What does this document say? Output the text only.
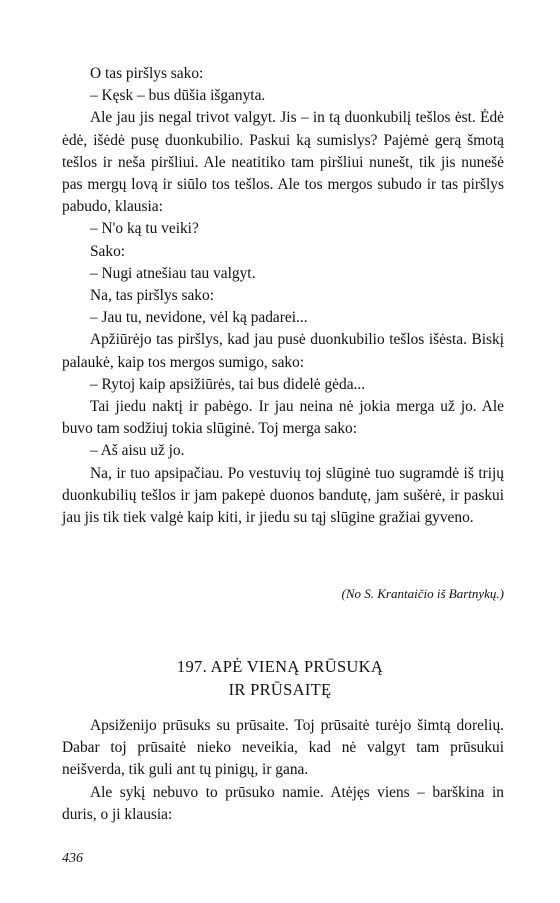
O tas piršlys sako:

– Kęsk – bus dūšia išganyta.

Ale jau jis negal trivot valgyt. Jis – in tą duonkubilį tešlos ėst. Ėdė ėdė, išėdė pusę duonkubilio. Paskui ką sumislys? Pajėmė gerą šmotą tešlos ir neša piršliui. Ale neatitiko tam piršliui nunešt, tik jis nunešė pas mergų lovą ir siūlo tos tešlos. Ale tos mergos subudo ir tas piršlys pabudo, klausia:

– N'o ką tu veiki?

Sako:

– Nugi atnešiau tau valgyt.

Na, tas piršlys sako:

– Jau tu, nevidone, vėl ką padarei...

Apžiūrėjo tas piršlys, kad jau pusė duonkubilio tešlos išėsta. Biskį palaukė, kaip tos mergos sumigo, sako:

– Rytoj kaip apsižiūrės, tai bus didelė gėda...

Tai jiedu naktį ir pabėgo. Ir jau neina nė jokia merga už jo. Ale buvo tam sodžiuj tokia slūginė. Toj merga sako:

– Aš aisu už jo.

Na, ir tuo apsipačiau. Po vestuvių toj slūginė tuo sugramdė iš trijų duonkubilių tešlos ir jam pakepė duonos bandutę, jam sušėrė, ir paskui jau jis tik tiek valgė kaip kiti, ir jiedu su tąj slūgine gražiai gyveno.

(No S. Krantaičio iš Bartnykų.)
197. APĖ VIENĄ PRŪSUKĄ
IR PRŪSAITĘ

Apsiženijo prūsuks su prūsaite. Toj prūsaitė turėjo šimtą dorelių. Dabar toj prūsaitė nieko neveikia, kad nė valgyt tam prūsukui neišverda, tik guli ant tų pinigų, ir gana.

Ale sykį nebuvo to prūsuko namie. Atėjęs viens – barškina in duris, o ji klausia:

436
